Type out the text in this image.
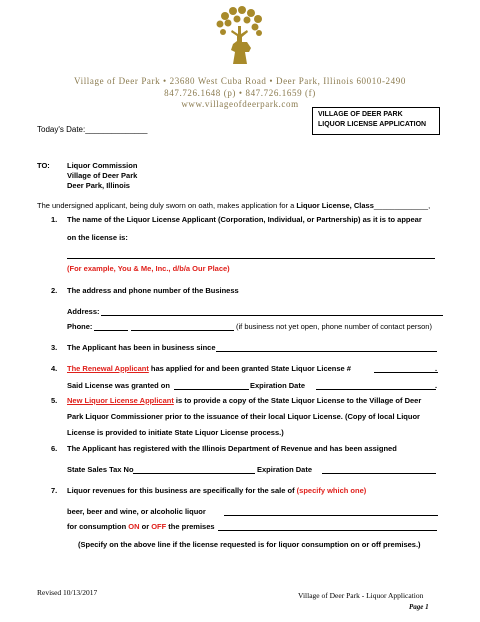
Village of Deer Park • 23680 West Cuba Road • Deer Park, Illinois 60010-2490
847.726.1648 (p) • 847.726.1659 (f)
www.villageofdeerpark.com
VILLAGE OF DEER PARK
LIQUOR LICENSE APPLICATION
Today's Date:______________
TO: Liquor Commission
Village of Deer Park
Deer Park, Illinois
The undersigned applicant, being duly sworn on oath, makes application for a Liquor License, Class_____________,
1. The name of the Liquor License Applicant (Corporation, Individual, or Partnership) as it is to appear
on the license is:
(For example, You & Me, Inc., d/b/a Our Place)
2. The address and phone number of the Business
Address:
Phone:	(if business not yet open, phone number of contact person)
3. The Applicant has been in business since
4. The Renewal Applicant has applied for and been granted State Liquor License #	.
Said License was granted on	Expiration Date	.
5. New Liquor License Applicant is to provide a copy of the State Liquor License to the Village of Deer
Park Liquor Commissioner prior to the issuance of their local Liquor License. (Copy of local Liquor
License is provided to initiate State Liquor License process.)
6. The Applicant has registered with the Illinois Department of Revenue and has been assigned
State Sales Tax No	Expiration Date
7. Liquor revenues for this business are specifically for the sale of (specify which one)
beer, beer and wine, or alcoholic liquor
for consumption ON or OFF the premises
(Specify on the above line if the license requested is for liquor consumption on or off premises.)
Revised 10/13/2017	Village of Deer Park - Liquor Application
Page 1
